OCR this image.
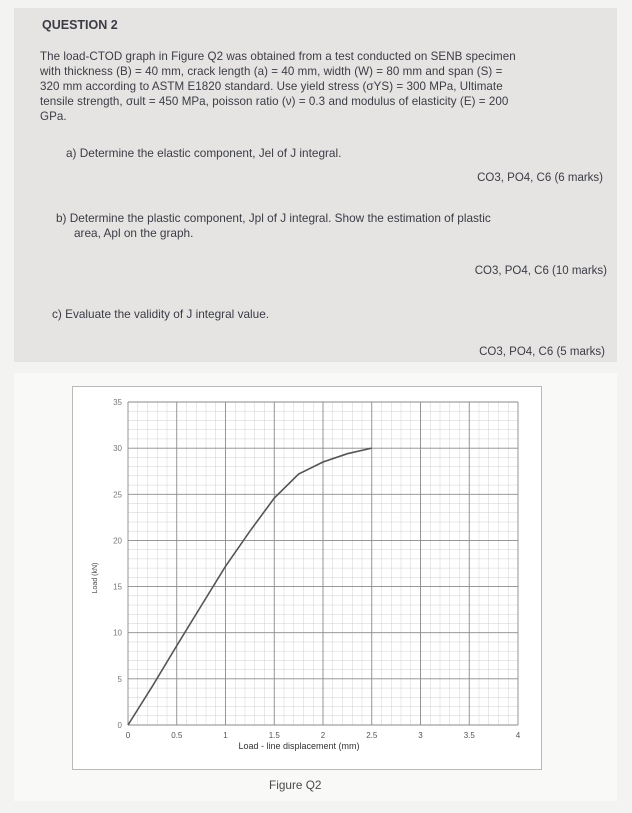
QUESTION 2
The load-CTOD graph in Figure Q2 was obtained from a test conducted on SENB specimen
with thickness (B) = 40 mm, crack length (a) = 40 mm, width (W) = 80 mm and span (S) =
320 mm according to ASTM E1820 standard. Use yield stress (σYS) = 300 MPa, Ultimate
tensile strength, σult = 450 MPa, poisson ratio (ν) = 0.3 and modulus of elasticity (E) = 200
GPa.
a) Determine the elastic component, Jel of J integral.
CO3, PO4, C6 (6 marks)
b) Determine the plastic component, Jpl of J integral. Show the estimation of plastic
area, Apl on the graph.
CO3, PO4, C6 (10 marks)
c) Evaluate the validity of J integral value.
CO3, PO4, C6 (5 marks)
0	0.5	1	1.5	2	2.5	3	3.5	4
0
5
10
15
20
25
30
35
Load - line displacement (mm)
Load (kN)
Figure Q2
